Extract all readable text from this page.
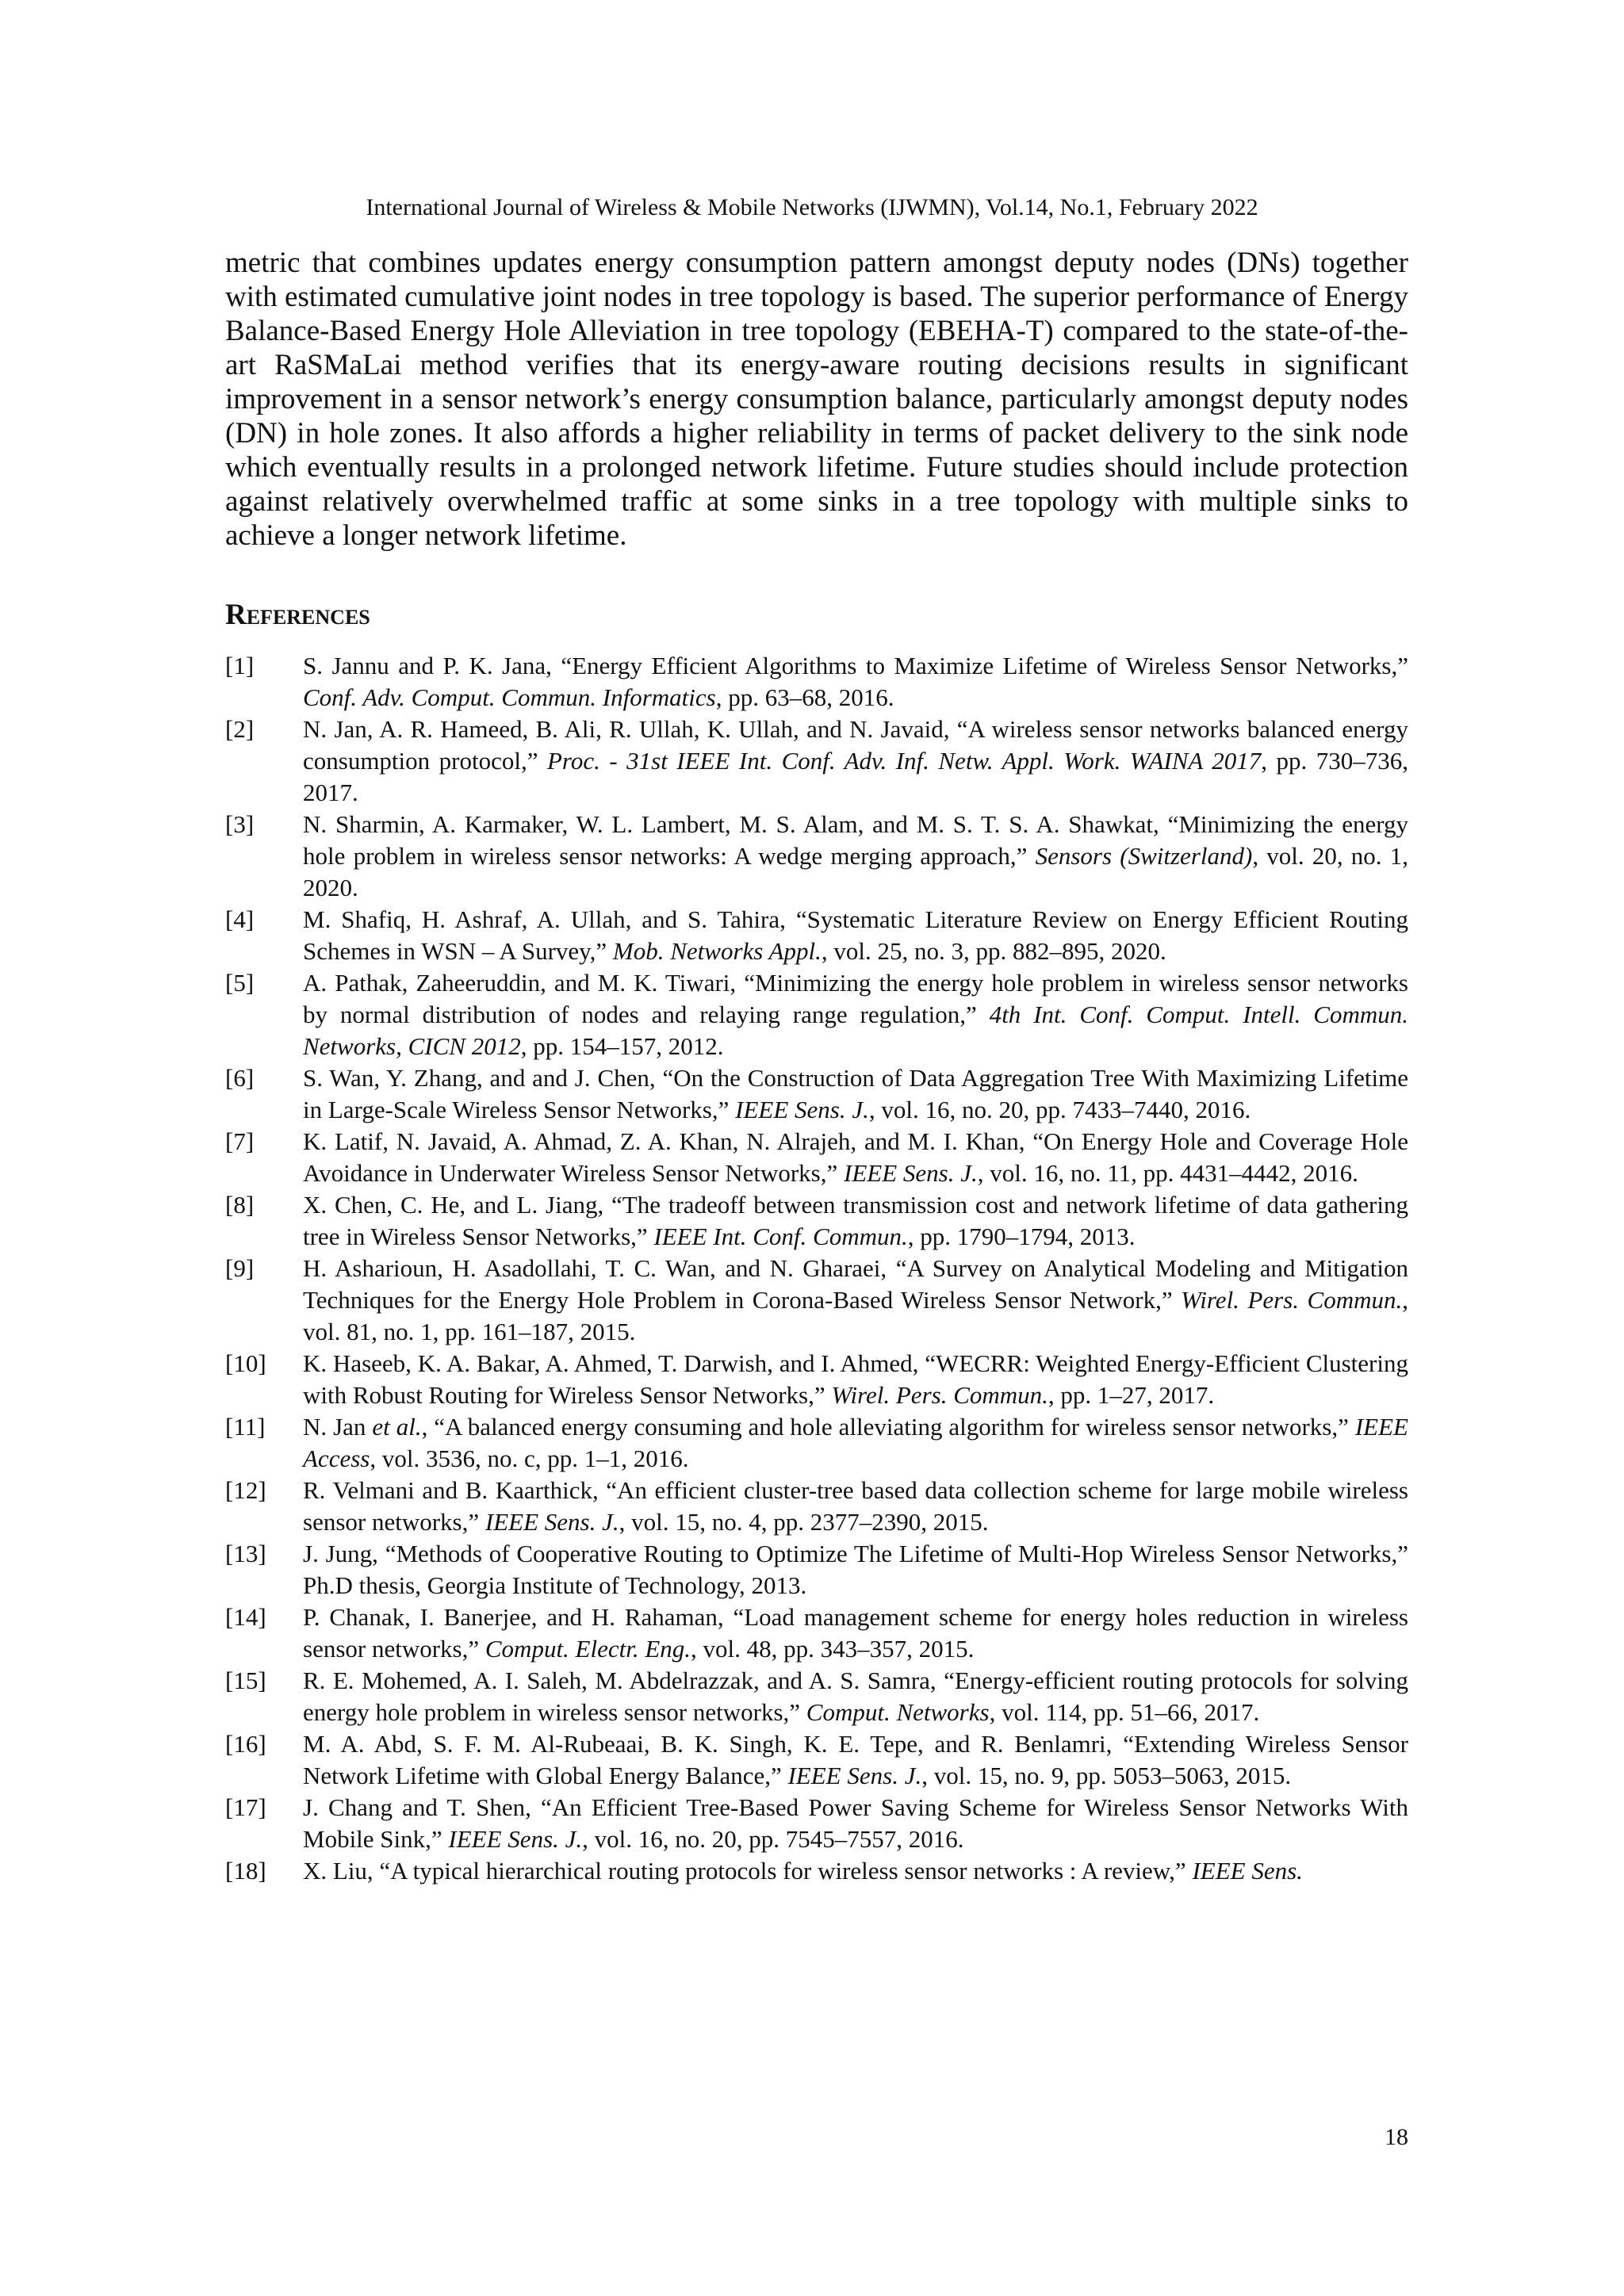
International Journal of Wireless & Mobile Networks (IJWMN), Vol.14, No.1, February 2022

metric that combines updates energy consumption pattern amongst deputy nodes (DNs) together with estimated cumulative joint nodes in tree topology is based. The superior performance of Energy Balance-Based Energy Hole Alleviation in tree topology (EBEHA-T) compared to the state-of-the-art RaSMaLai method verifies that its energy-aware routing decisions results in significant improvement in a sensor network’s energy consumption balance, particularly amongst deputy nodes (DN) in hole zones. It also affords a higher reliability in terms of packet delivery to the sink node which eventually results in a prolonged network lifetime. Future studies should include protection against relatively overwhelmed traffic at some sinks in a tree topology with multiple sinks to achieve a longer network lifetime.

References
[1] S. Jannu and P. K. Jana, “Energy Efficient Algorithms to Maximize Lifetime of Wireless Sensor Networks,” Conf. Adv. Comput. Commun. Informatics, pp. 63–68, 2016.
[2] N. Jan, A. R. Hameed, B. Ali, R. Ullah, K. Ullah, and N. Javaid, “A wireless sensor networks balanced energy consumption protocol,” Proc. - 31st IEEE Int. Conf. Adv. Inf. Netw. Appl. Work. WAINA 2017, pp. 730–736, 2017.
[3] N. Sharmin, A. Karmaker, W. L. Lambert, M. S. Alam, and M. S. T. S. A. Shawkat, “Minimizing the energy hole problem in wireless sensor networks: A wedge merging approach,” Sensors (Switzerland), vol. 20, no. 1, 2020.
[4] M. Shafiq, H. Ashraf, A. Ullah, and S. Tahira, “Systematic Literature Review on Energy Efficient Routing Schemes in WSN – A Survey,” Mob. Networks Appl., vol. 25, no. 3, pp. 882–895, 2020.
[5] A. Pathak, Zaheeruddin, and M. K. Tiwari, “Minimizing the energy hole problem in wireless sensor networks by normal distribution of nodes and relaying range regulation,” 4th Int. Conf. Comput. Intell. Commun. Networks, CICN 2012, pp. 154–157, 2012.
[6] S. Wan, Y. Zhang, and and J. Chen, “On the Construction of Data Aggregation Tree With Maximizing Lifetime in Large-Scale Wireless Sensor Networks,” IEEE Sens. J., vol. 16, no. 20, pp. 7433–7440, 2016.
[7] K. Latif, N. Javaid, A. Ahmad, Z. A. Khan, N. Alrajeh, and M. I. Khan, “On Energy Hole and Coverage Hole Avoidance in Underwater Wireless Sensor Networks,” IEEE Sens. J., vol. 16, no. 11, pp. 4431–4442, 2016.
[8] X. Chen, C. He, and L. Jiang, “The tradeoff between transmission cost and network lifetime of data gathering tree in Wireless Sensor Networks,” IEEE Int. Conf. Commun., pp. 1790–1794, 2013.
[9] H. Asharioun, H. Asadollahi, T. C. Wan, and N. Gharaei, “A Survey on Analytical Modeling and Mitigation Techniques for the Energy Hole Problem in Corona-Based Wireless Sensor Network,” Wirel. Pers. Commun., vol. 81, no. 1, pp. 161–187, 2015.
[10] K. Haseeb, K. A. Bakar, A. Ahmed, T. Darwish, and I. Ahmed, “WECRR: Weighted Energy-Efficient Clustering with Robust Routing for Wireless Sensor Networks,” Wirel. Pers. Commun., pp. 1–27, 2017.
[11] N. Jan et al., “A balanced energy consuming and hole alleviating algorithm for wireless sensor networks,” IEEE Access, vol. 3536, no. c, pp. 1–1, 2016.
[12] R. Velmani and B. Kaarthick, “An efficient cluster-tree based data collection scheme for large mobile wireless sensor networks,” IEEE Sens. J., vol. 15, no. 4, pp. 2377–2390, 2015.
[13] J. Jung, “Methods of Cooperative Routing to Optimize The Lifetime of Multi-Hop Wireless Sensor Networks,” Ph.D thesis, Georgia Institute of Technology, 2013.
[14] P. Chanak, I. Banerjee, and H. Rahaman, “Load management scheme for energy holes reduction in wireless sensor networks,” Comput. Electr. Eng., vol. 48, pp. 343–357, 2015.
[15] R. E. Mohemed, A. I. Saleh, M. Abdelrazzak, and A. S. Samra, “Energy-efficient routing protocols for solving energy hole problem in wireless sensor networks,” Comput. Networks, vol. 114, pp. 51–66, 2017.
[16] M. A. Abd, S. F. M. Al-Rubeaai, B. K. Singh, K. E. Tepe, and R. Benlamri, “Extending Wireless Sensor Network Lifetime with Global Energy Balance,” IEEE Sens. J., vol. 15, no. 9, pp. 5053–5063, 2015.
[17] J. Chang and T. Shen, “An Efficient Tree-Based Power Saving Scheme for Wireless Sensor Networks With Mobile Sink,” IEEE Sens. J., vol. 16, no. 20, pp. 7545–7557, 2016.
[18] X. Liu, “A typical hierarchical routing protocols for wireless sensor networks : A review,” IEEE Sens.
18
